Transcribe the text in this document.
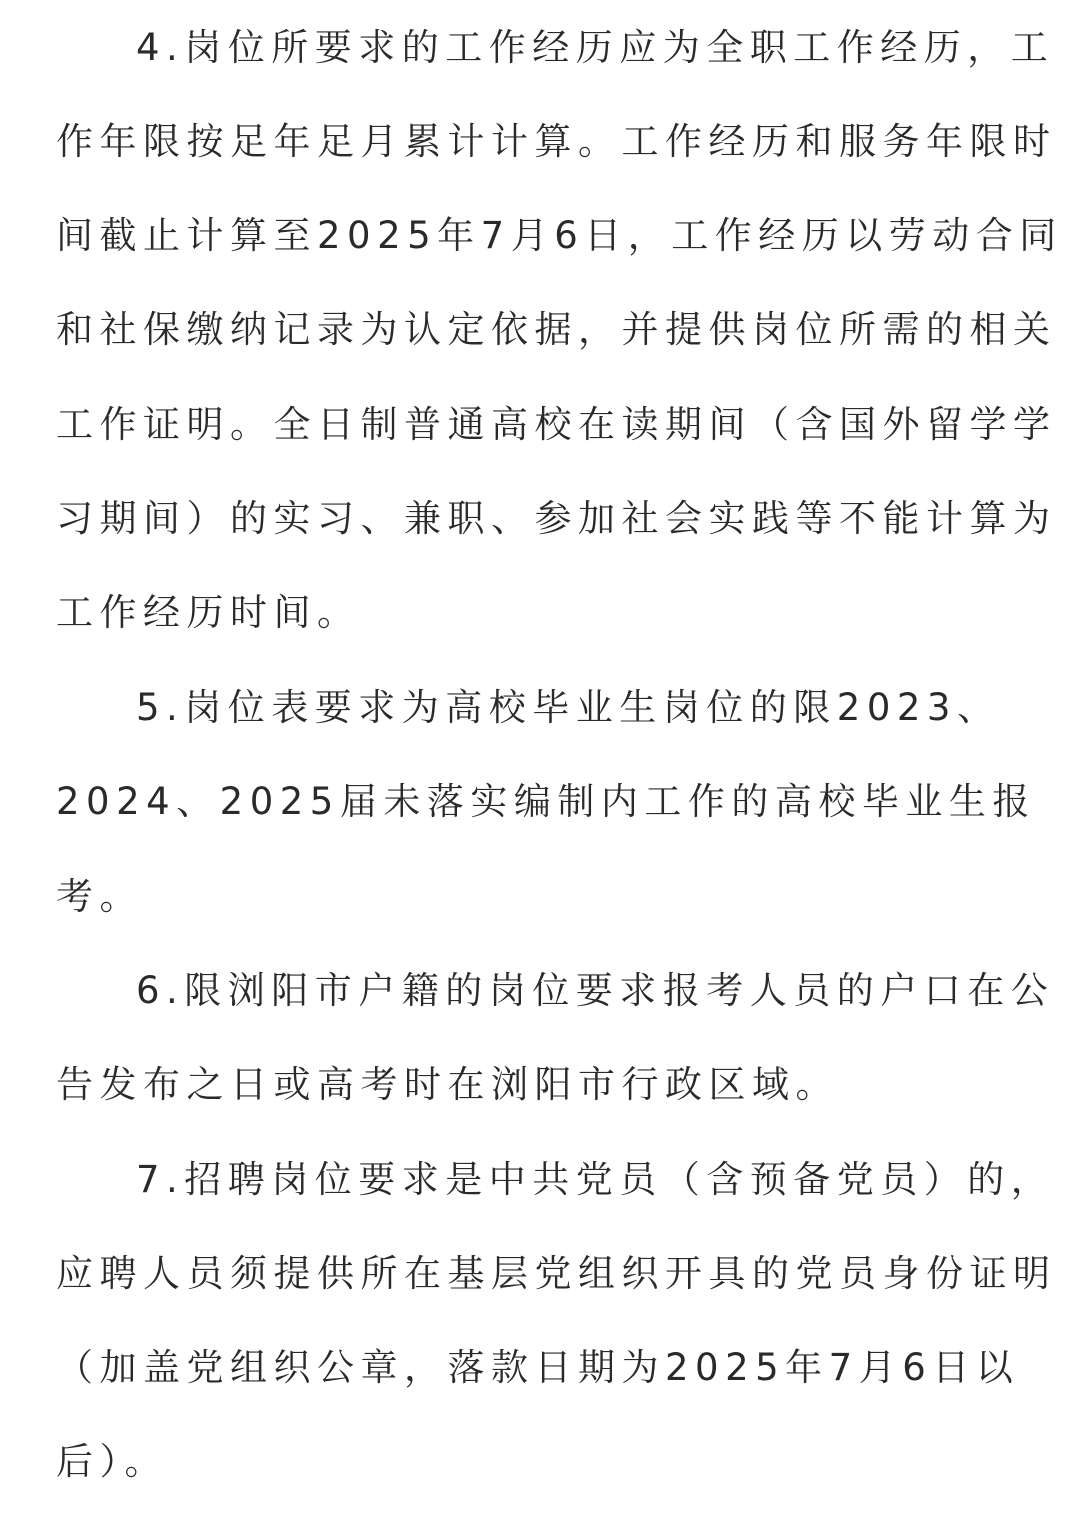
4.岗位所要求的工作经历应为全职工作经历，工
作年限按足年足月累计计算。工作经历和服务年限时
间截止计算至2025年7月6日，工作经历以劳动合同
和社保缴纳记录为认定依据，并提供岗位所需的相关
工作证明。全日制普通高校在读期间（含国外留学学
习期间）的实习、兼职、参加社会实践等不能计算为
工作经历时间。
5.岗位表要求为高校毕业生岗位的限2023、
2024、2025届未落实编制内工作的高校毕业生报
考。
6.限浏阳市户籍的岗位要求报考人员的户口在公
告发布之日或高考时在浏阳市行政区域。
7.招聘岗位要求是中共党员（含预备党员）的，
应聘人员须提供所在基层党组织开具的党员身份证明
（加盖党组织公章，落款日期为2025年7月6日以
后）。
